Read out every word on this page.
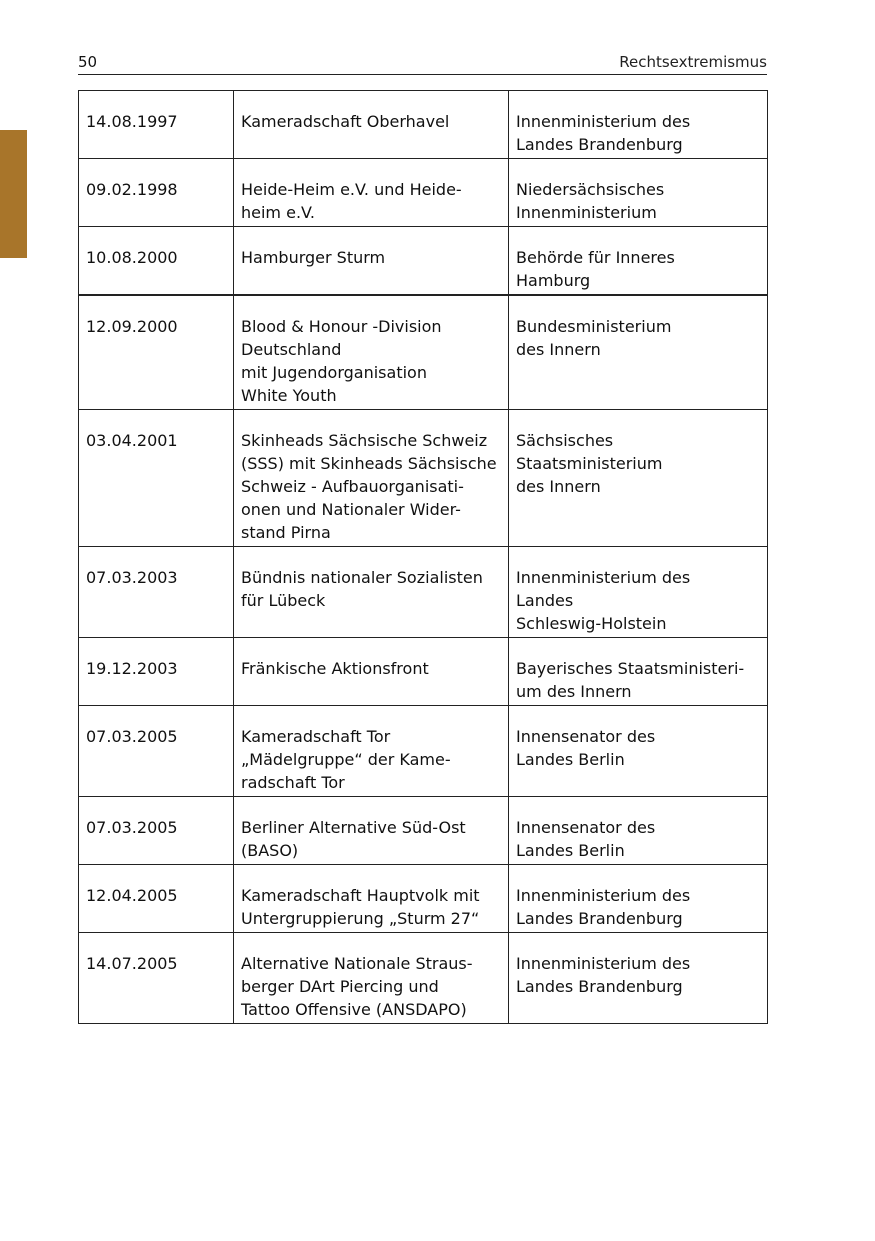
50	Rechtsextremismus
14.08.1997	Kameradschaft Oberhavel	Innenministerium des
Landes Brandenburg
09.02.1998	Heide-Heim e.V. und Heide-
heim e.V.	Niedersächsisches
Innenministerium
10.08.2000	Hamburger Sturm	Behörde für Inneres
Hamburg
12.09.2000	Blood & Honour -Division
Deutschland
mit Jugendorganisation
White Youth	Bundesministerium
des Innern
03.04.2001	Skinheads Sächsische Schweiz
(SSS) mit Skinheads Sächsische
Schweiz - Aufbauorganisati-
onen und Nationaler Wider-
stand Pirna	Sächsisches
Staatsministerium
des Innern
07.03.2003	Bündnis nationaler Sozialisten
für Lübeck	Innenministerium des
Landes
Schleswig-Holstein
19.12.2003	Fränkische Aktionsfront	Bayerisches Staatsministeri-
um des Innern
07.03.2005	Kameradschaft Tor
„Mädelgruppe“ der Kame-
radschaft Tor	Innensenator des
Landes Berlin
07.03.2005	Berliner Alternative Süd-Ost
(BASO)	Innensenator des
Landes Berlin
12.04.2005	Kameradschaft Hauptvolk mit
Untergruppierung „Sturm 27“	Innenministerium des
Landes Brandenburg
14.07.2005	Alternative Nationale Straus-
berger DArt Piercing und
Tattoo Offensive (ANSDAPO)	Innenministerium des
Landes Brandenburg
